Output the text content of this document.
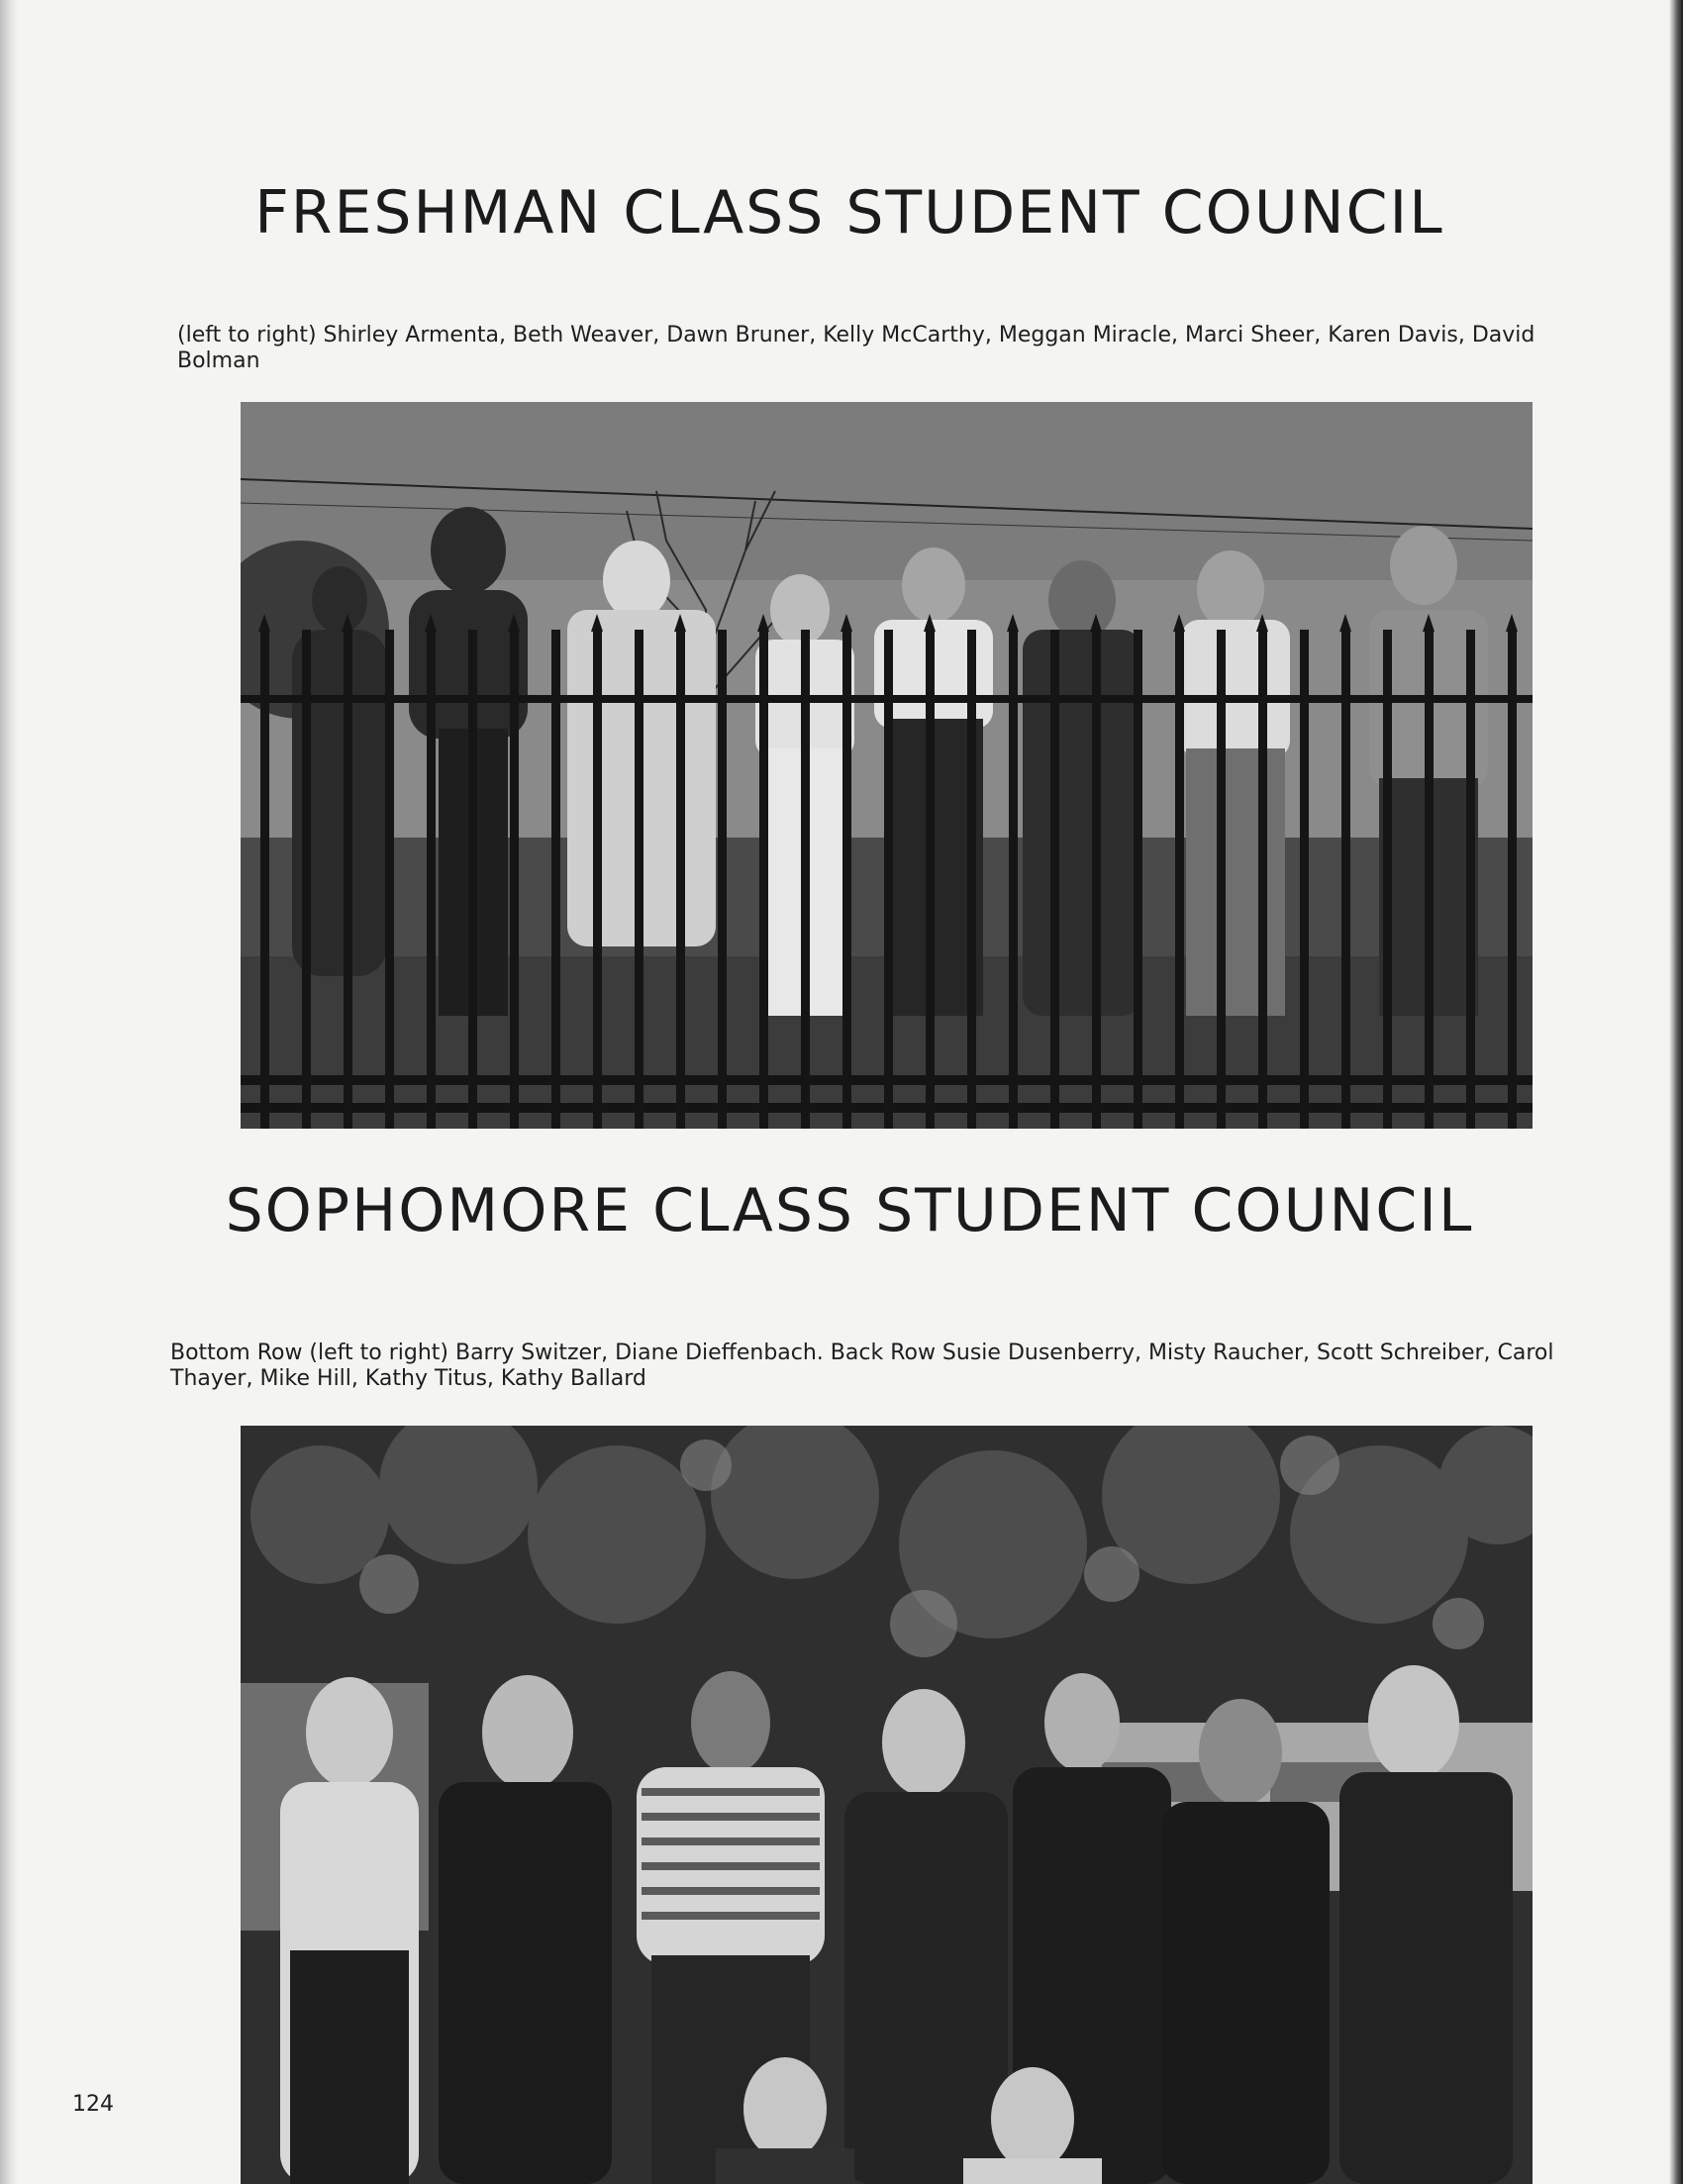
FRESHMAN CLASS STUDENT COUNCIL

(left to right) Shirley Armenta, Beth Weaver, Dawn Bruner, Kelly McCarthy, Meggan Miracle, Marci Sheer, Karen Davis, David Bolman

SOPHOMORE CLASS STUDENT COUNCIL

Bottom Row (left to right) Barry Switzer, Diane Dieffenbach. Back Row Susie Dusenberry, Misty Raucher, Scott Schreiber, Carol Thayer, Mike Hill, Kathy Titus, Kathy Ballard

124
